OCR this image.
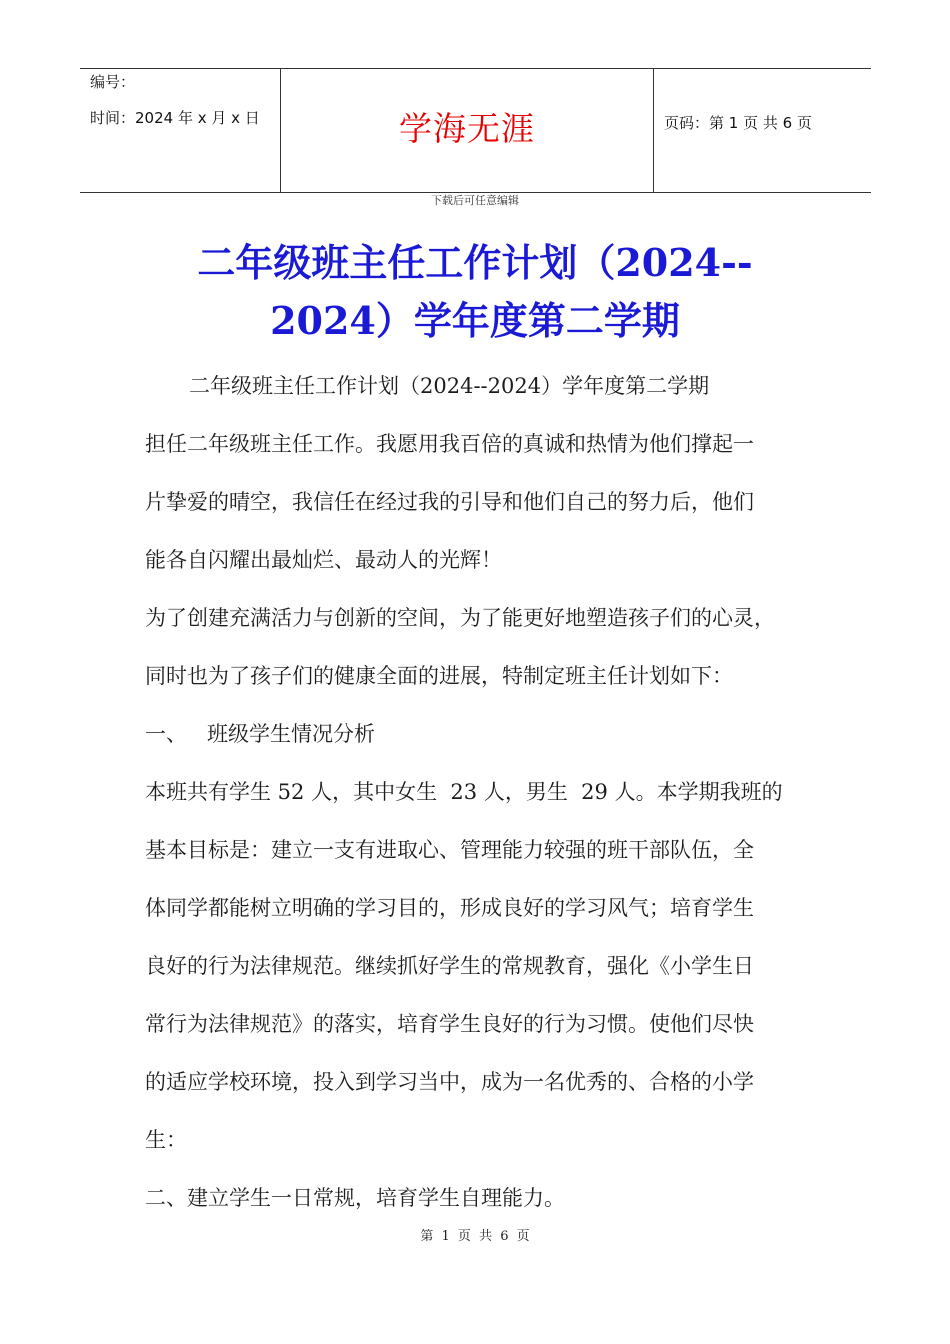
编号：
时间：2024 年 x 月 x 日	学海无涯	页码：第 1 页 共 6 页
下载后可任意编辑
二年级班主任工作计划（2024--
2024）学年度第二学期
二年级班主任工作计划（2024--2024）学年度第二学期
担任二年级班主任工作。我愿用我百倍的真诚和热情为他们撑起一
片挚爱的晴空，我信任在经过我的引导和他们自己的努力后，他们
能各自闪耀出最灿烂、最动人的光辉！
为了创建充满活力与创新的空间，为了能更好地塑造孩子们的心灵，
同时也为了孩子们的健康全面的进展，特制定班主任计划如下：
一、   班级学生情况分析
本班共有学生 52 人，其中女生  23 人，男生  29 人。本学期我班的
基本目标是：建立一支有进取心、管理能力较强的班干部队伍，全
体同学都能树立明确的学习目的，形成良好的学习风气；培育学生
良好的行为法律规范。继续抓好学生的常规教育，强化《小学生日
常行为法律规范》的落实，培育学生良好的行为习惯。使他们尽快
的适应学校环境，投入到学习当中，成为一名优秀的、合格的小学
生：
二、建立学生一日常规，培育学生自理能力。
第 1 页 共 6 页
